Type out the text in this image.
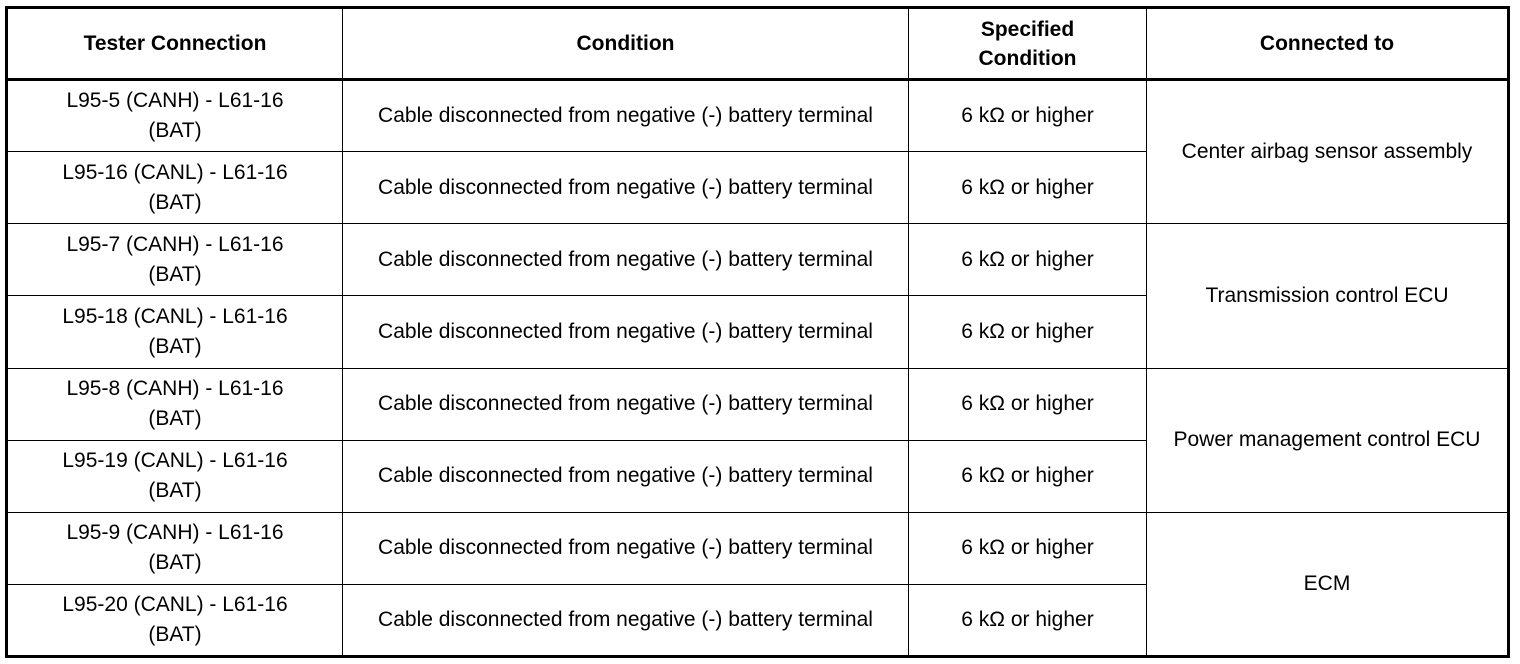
Tester Connection	Condition	Specified Condition	Connected to
L95-5 (CANH) - L61-16 (BAT)	Cable disconnected from negative (-) battery terminal	6 kΩ or higher	Center airbag sensor assembly
L95-16 (CANL) - L61-16 (BAT)	Cable disconnected from negative (-) battery terminal	6 kΩ or higher	
L95-7 (CANH) - L61-16 (BAT)	Cable disconnected from negative (-) battery terminal	6 kΩ or higher	Transmission control ECU
L95-18 (CANL) - L61-16 (BAT)	Cable disconnected from negative (-) battery terminal	6 kΩ or higher	
L95-8 (CANH) - L61-16 (BAT)	Cable disconnected from negative (-) battery terminal	6 kΩ or higher	Power management control ECU
L95-19 (CANL) - L61-16 (BAT)	Cable disconnected from negative (-) battery terminal	6 kΩ or higher	
L95-9 (CANH) - L61-16 (BAT)	Cable disconnected from negative (-) battery terminal	6 kΩ or higher	ECM
L95-20 (CANL) - L61-16 (BAT)	Cable disconnected from negative (-) battery terminal	6 kΩ or higher	
